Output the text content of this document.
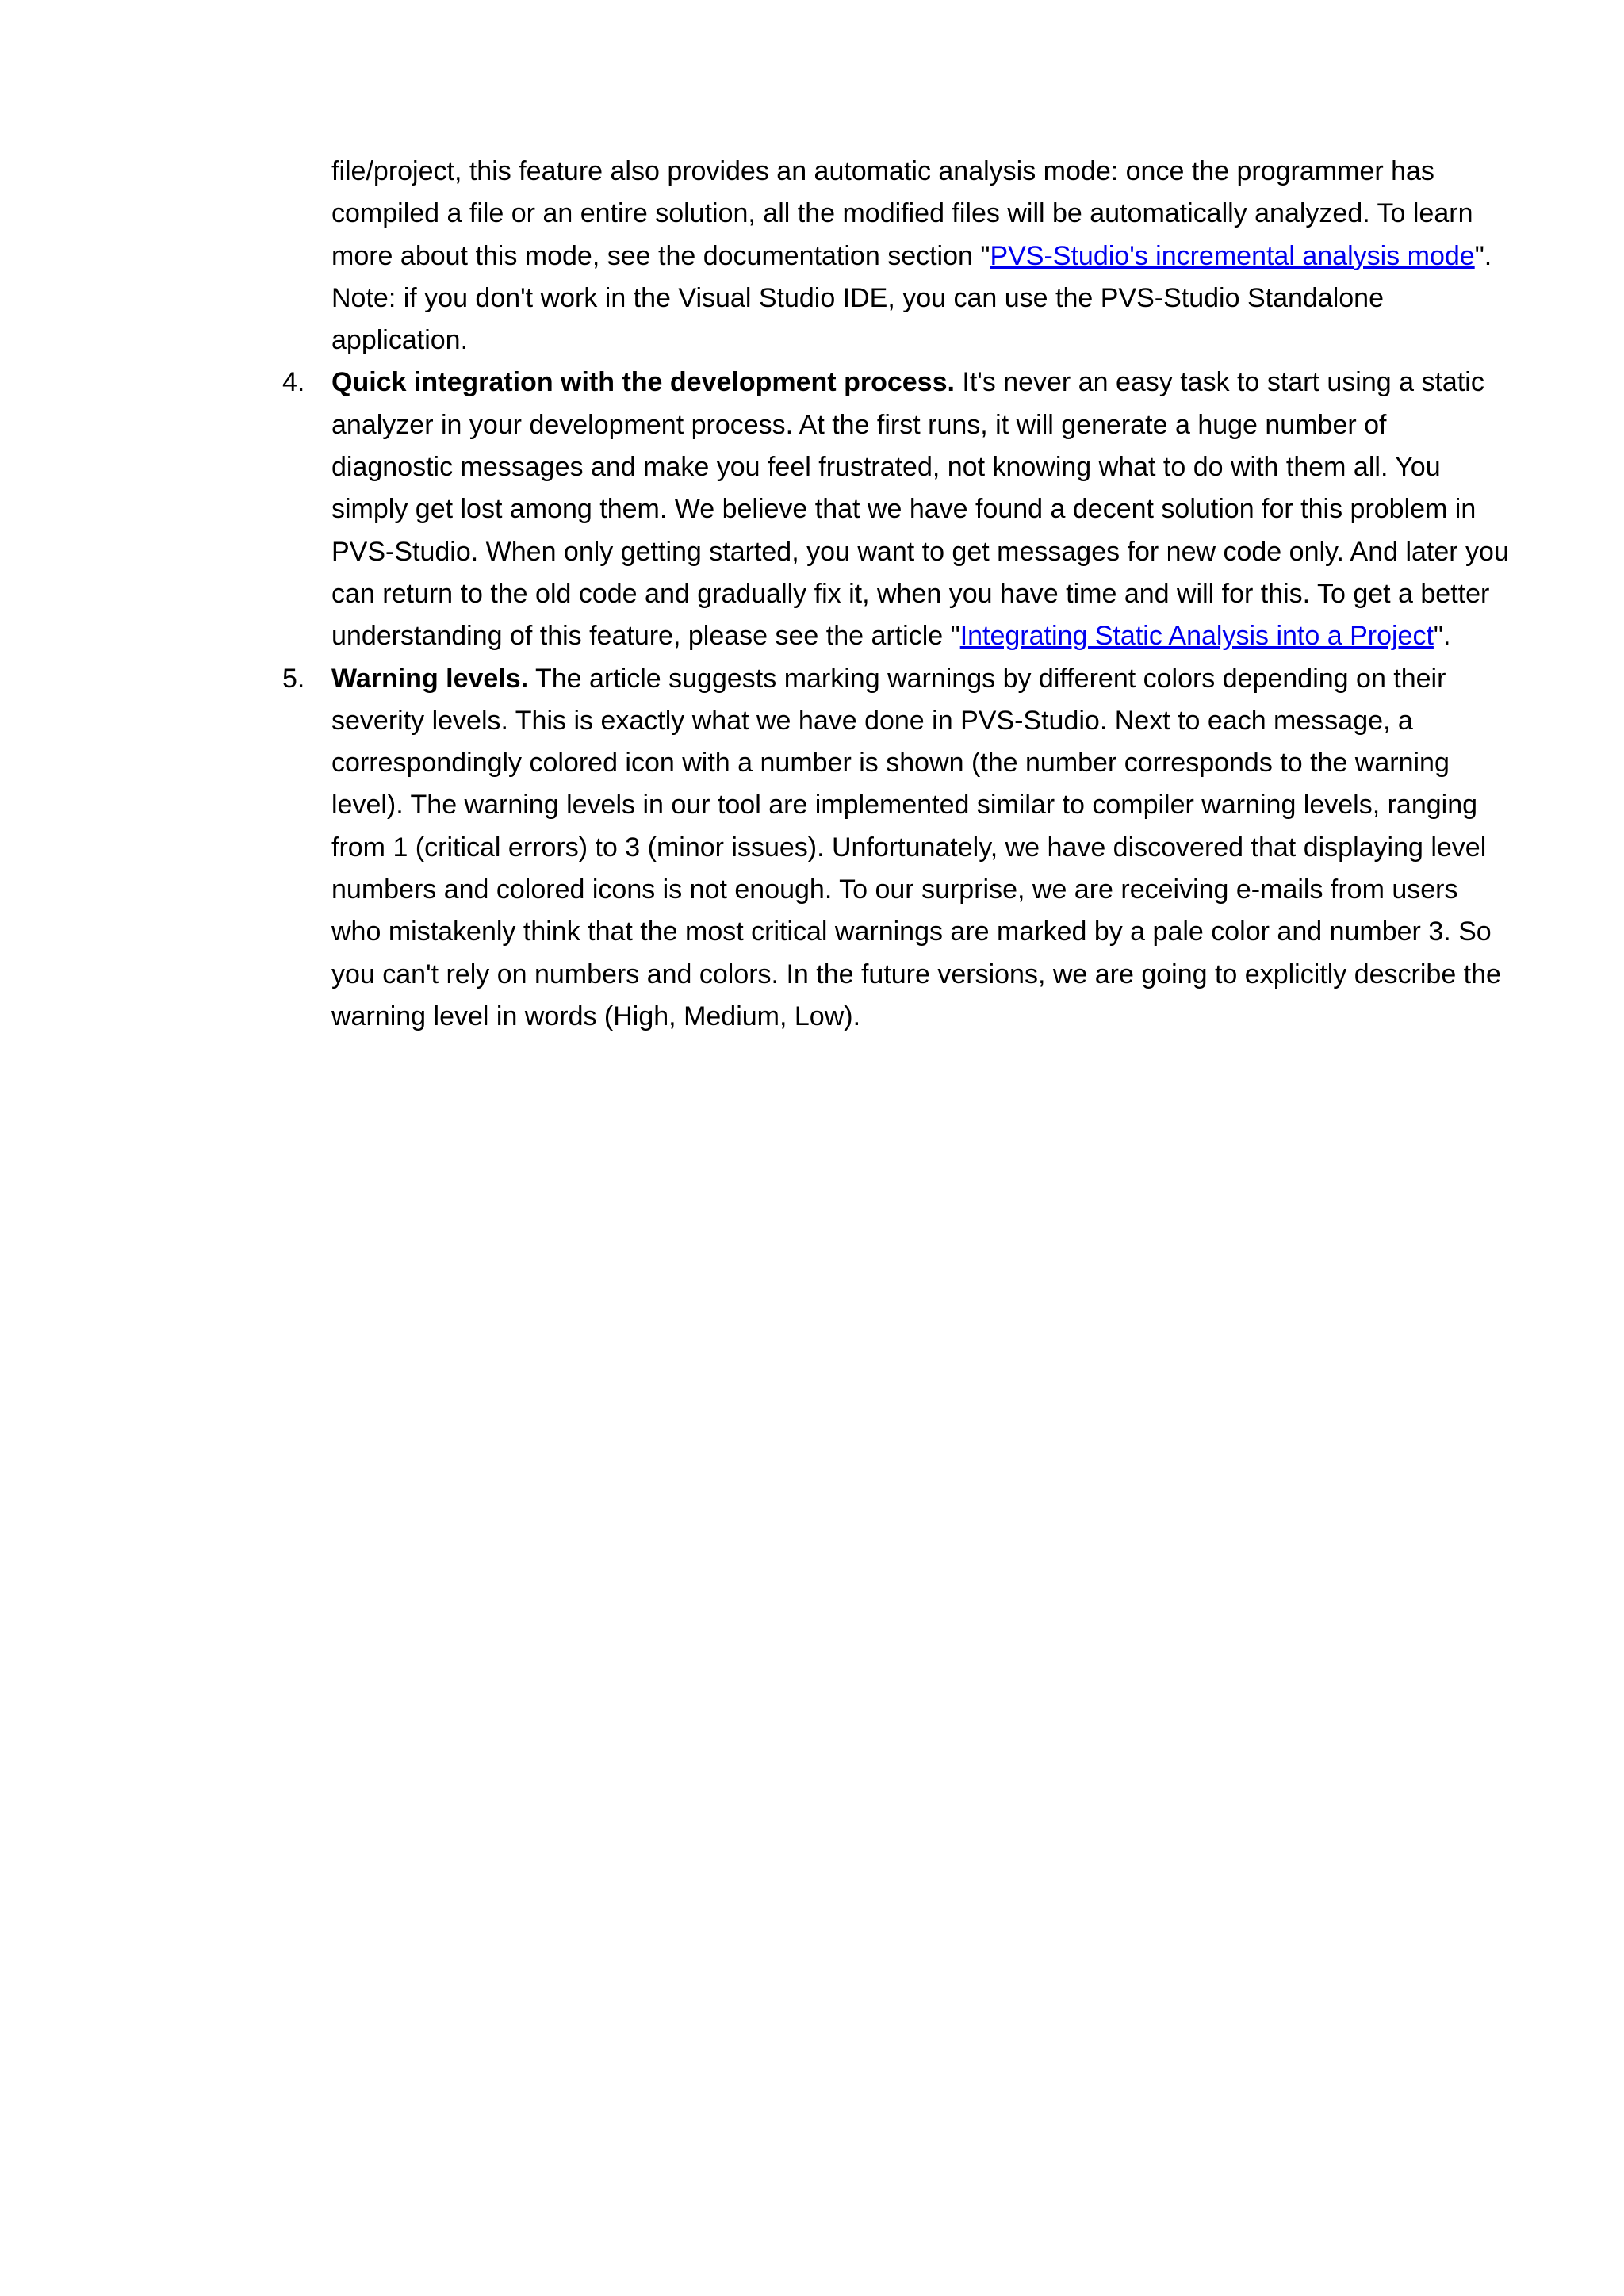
file/project, this feature also provides an automatic analysis mode: once the programmer has compiled a file or an entire solution, all the modified files will be automatically analyzed. To learn more about this mode, see the documentation section "PVS-Studio's incremental analysis mode". Note: if you don't work in the Visual Studio IDE, you can use the PVS-Studio Standalone application.

4. Quick integration with the development process. It's never an easy task to start using a static analyzer in your development process. At the first runs, it will generate a huge number of diagnostic messages and make you feel frustrated, not knowing what to do with them all. You simply get lost among them. We believe that we have found a decent solution for this problem in PVS-Studio. When only getting started, you want to get messages for new code only. And later you can return to the old code and gradually fix it, when you have time and will for this. To get a better understanding of this feature, please see the article "Integrating Static Analysis into a Project".
5. Warning levels. The article suggests marking warnings by different colors depending on their severity levels. This is exactly what we have done in PVS-Studio. Next to each message, a correspondingly colored icon with a number is shown (the number corresponds to the warning level). The warning levels in our tool are implemented similar to compiler warning levels, ranging from 1 (critical errors) to 3 (minor issues). Unfortunately, we have discovered that displaying level numbers and colored icons is not enough. To our surprise, we are receiving e-mails from users who mistakenly think that the most critical warnings are marked by a pale color and number 3. So you can't rely on numbers and colors. In the future versions, we are going to explicitly describe the warning level in words (High, Medium, Low).
